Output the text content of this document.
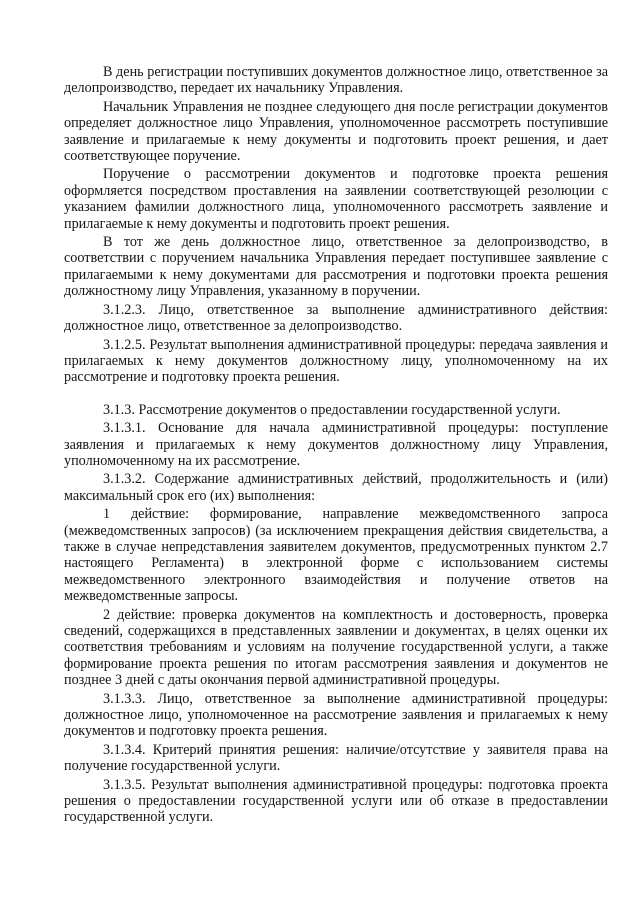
В день регистрации поступивших документов должностное лицо, ответственное за делопроизводство, передает их начальнику Управления.

Начальник Управления не позднее следующего дня после регистрации документов определяет должностное лицо Управления, уполномоченное рассмотреть поступившие заявление и прилагаемые к нему документы и подготовить проект решения, и дает соответствующее поручение.

Поручение о рассмотрении документов и подготовке проекта решения оформляется посредством проставления на заявлении соответствующей резолюции с указанием фамилии должностного лица, уполномоченного рассмотреть заявление и прилагаемые к нему документы и подготовить проект решения.

В тот же день должностное лицо, ответственное за делопроизводство, в соответствии с поручением начальника Управления передает поступившее заявление с прилагаемыми к нему документами для рассмотрения и подготовки проекта решения должностному лицу Управления, указанному в поручении.

3.1.2.3. Лицо, ответственное за выполнение административного действия: должностное лицо, ответственное за делопроизводство.

3.1.2.5. Результат выполнения административной процедуры: передача заявления и прилагаемых к нему документов должностному лицу, уполномоченному на их рассмотрение и подготовку проекта решения.

3.1.3. Рассмотрение документов о предоставлении государственной услуги.

3.1.3.1. Основание для начала административной процедуры: поступление заявления и прилагаемых к нему документов должностному лицу Управления, уполномоченному на их рассмотрение.

3.1.3.2. Содержание административных действий, продолжительность и (или) максимальный срок его (их) выполнения:

1 действие: формирование, направление межведомственного запроса (межведомственных запросов) (за исключением прекращения действия свидетельства, а также в случае непредставления заявителем документов, предусмотренных пунктом 2.7 настоящего Регламента) в электронной форме с использованием системы межведомственного электронного взаимодействия и получение ответов на межведомственные запросы.

2 действие: проверка документов на комплектность и достоверность, проверка сведений, содержащихся в представленных заявлении и документах, в целях оценки их соответствия требованиям и условиям на получение государственной услуги, а также формирование проекта решения по итогам рассмотрения заявления и документов не позднее 3 дней с даты окончания первой административной процедуры.

3.1.3.3. Лицо, ответственное за выполнение административной процедуры: должностное лицо, уполномоченное на рассмотрение заявления и прилагаемых к нему документов и подготовку проекта решения.

3.1.3.4. Критерий принятия решения: наличие/отсутствие у заявителя права на получение государственной услуги.

3.1.3.5. Результат выполнения административной процедуры: подготовка проекта решения о предоставлении государственной услуги или об отказе в предоставлении государственной услуги.
